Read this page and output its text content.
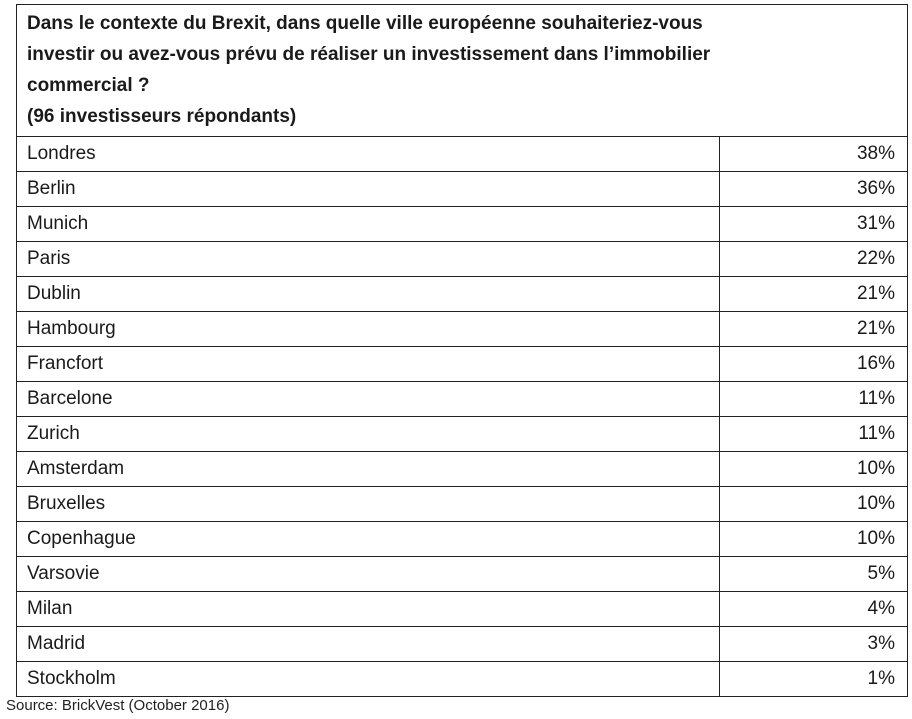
Dans le contexte du Brexit, dans quelle ville européenne souhaiteriez-vous
investir ou avez-vous prévu de réaliser un investissement dans l’immobilier
commercial ?
(96 investisseurs répondants)	

Londres	38%
Berlin	36%
Munich	31%
Paris	22%
Dublin	21%
Hambourg	21%
Francfort	16%
Barcelone	11%
Zurich	11%
Amsterdam	10%
Bruxelles	10%
Copenhague	10%
Varsovie	5%
Milan	4%
Madrid	3%
Stockholm	1%
Source: BrickVest (October 2016)
